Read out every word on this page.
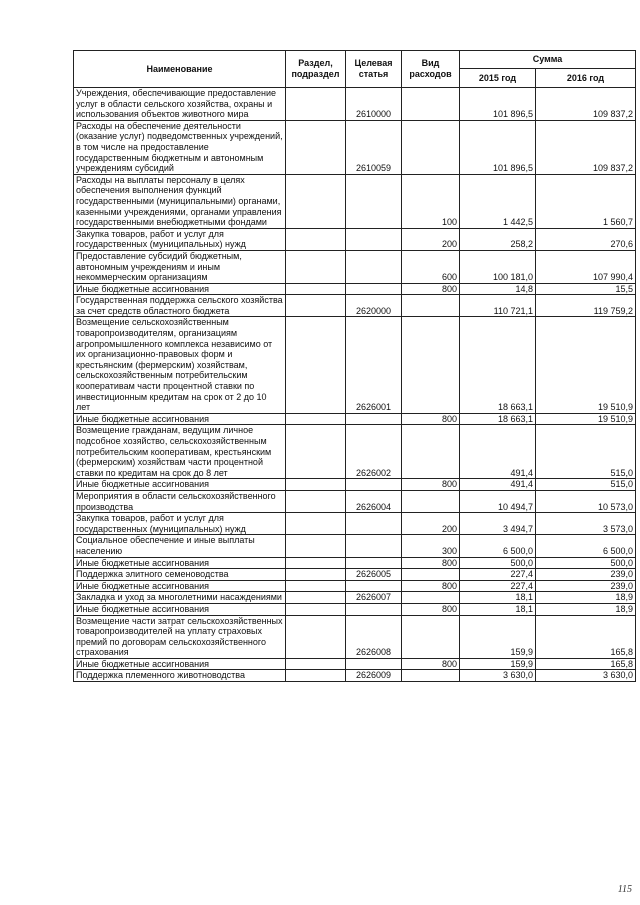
Наименование	Раздел, подраздел	Целевая статья	Вид расходов	Сумма	
				2015 год	2016 год
Учреждения, обеспечивающие предоставление услуг в области сельского хозяйства, охраны и использования объектов животного мира		2610000		101 896,5	109 837,2
Расходы на обеспечение деятельности (оказание услуг) подведомственных учреждений, в том числе на предоставление государственным бюджетным и автономным учреждениям субсидий		2610059		101 896,5	109 837,2
Расходы на выплаты персоналу в целях обеспечения выполнения функций государственными (муниципальными) органами, казенными учреждениями, органами управления государственными внебюджетными фондами			100	1 442,5	1 560,7
Закупка товаров, работ и услуг для государственных (муниципальных) нужд			200	258,2	270,6
Предоставление субсидий бюджетным, автономным учреждениям и иным некоммерческим организациям			600	100 181,0	107 990,4
Иные бюджетные ассигнования			800	14,8	15,5
Государственная поддержка сельского хозяйства за счет средств областного бюджета		2620000		110 721,1	119 759,2
Возмещение сельскохозяйственным товаропроизводителям, организациям агропромышленного комплекса независимо от их организационно-правовых форм и крестьянским (фермерским) хозяйствам, сельскохозяйственным потребительским кооперативам части процентной ставки по инвестиционным кредитам на срок от 2 до 10 лет		2626001		18 663,1	19 510,9
Иные бюджетные ассигнования			800	18 663,1	19 510,9
Возмещение гражданам, ведущим личное подсобное хозяйство, сельскохозяйственным потребительским кооперативам, крестьянским (фермерским) хозяйствам части процентной ставки по кредитам на срок до 8 лет		2626002		491,4	515,0
Иные бюджетные ассигнования			800	491,4	515,0
Мероприятия в области сельскохозяйственного производства		2626004		10 494,7	10 573,0
Закупка товаров, работ и услуг для государственных (муниципальных) нужд			200	3 494,7	3 573,0
Социальное обеспечение и иные выплаты населению			300	6 500,0	6 500,0
Иные бюджетные ассигнования			800	500,0	500,0
Поддержка элитного семеноводства		2626005		227,4	239,0
Иные бюджетные ассигнования			800	227,4	239,0
Закладка и уход за многолетними насаждениями		2626007		18,1	18,9
Иные бюджетные ассигнования			800	18,1	18,9
Возмещение части затрат сельскохозяйственных товаропроизводителей на уплату страховых премий по договорам сельскохозяйственного страхования		2626008		159,9	165,8
Иные бюджетные ассигнования			800	159,9	165,8
Поддержка племенного животноводства		2626009		3 630,0	3 630,0
115
